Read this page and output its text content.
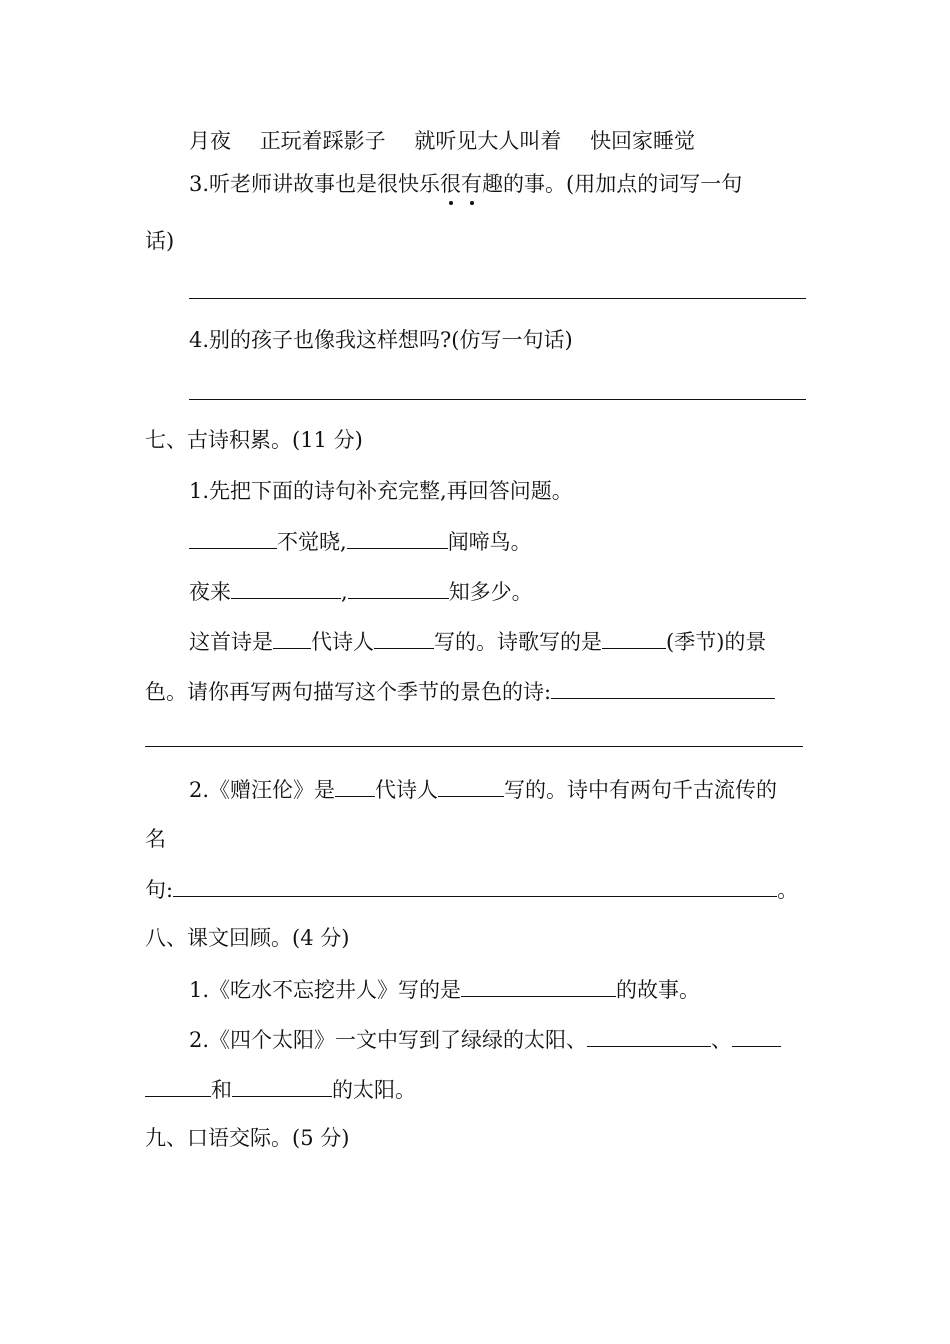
月夜 正玩着踩影子 就听见大人叫着 快回家睡觉
3.听老师讲故事也是很快乐很有趣的事。(用加点的词写一句
话)
4.别的孩子也像我这样想吗?(仿写一句话)
七、古诗积累。(11 分)
1.先把下面的诗句补充完整,再回答问题。
不觉晓,	闻啼鸟。
夜来	,	知多少。
这首诗是 代诗人	写的。诗歌写的是	(季节)的景
色。请你再写两句描写这个季节的景色的诗:
2.《赠汪伦》是 代诗人	写的。诗中有两句千古流传的
名
句:	。
八、课文回顾。(4 分)
1.《吃水不忘挖井人》写的是	的故事。
2.《四个太阳》一文中写到了绿绿的太阳、	、
和	的太阳。
九、口语交际。(5 分)
